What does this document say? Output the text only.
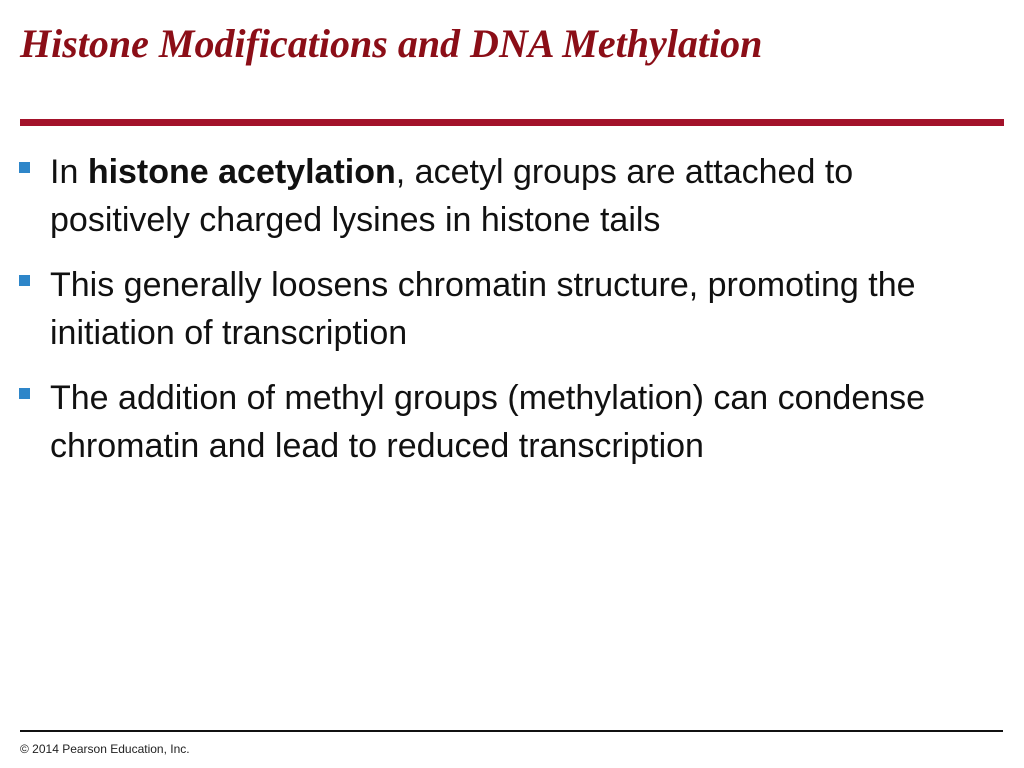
Histone Modifications and DNA Methylation
In histone acetylation, acetyl groups are attached to positively charged lysines in histone tails
This generally loosens chromatin structure, promoting the initiation of transcription
The addition of methyl groups (methylation) can condense chromatin and lead to reduced transcription

© 2014 Pearson Education, Inc.
